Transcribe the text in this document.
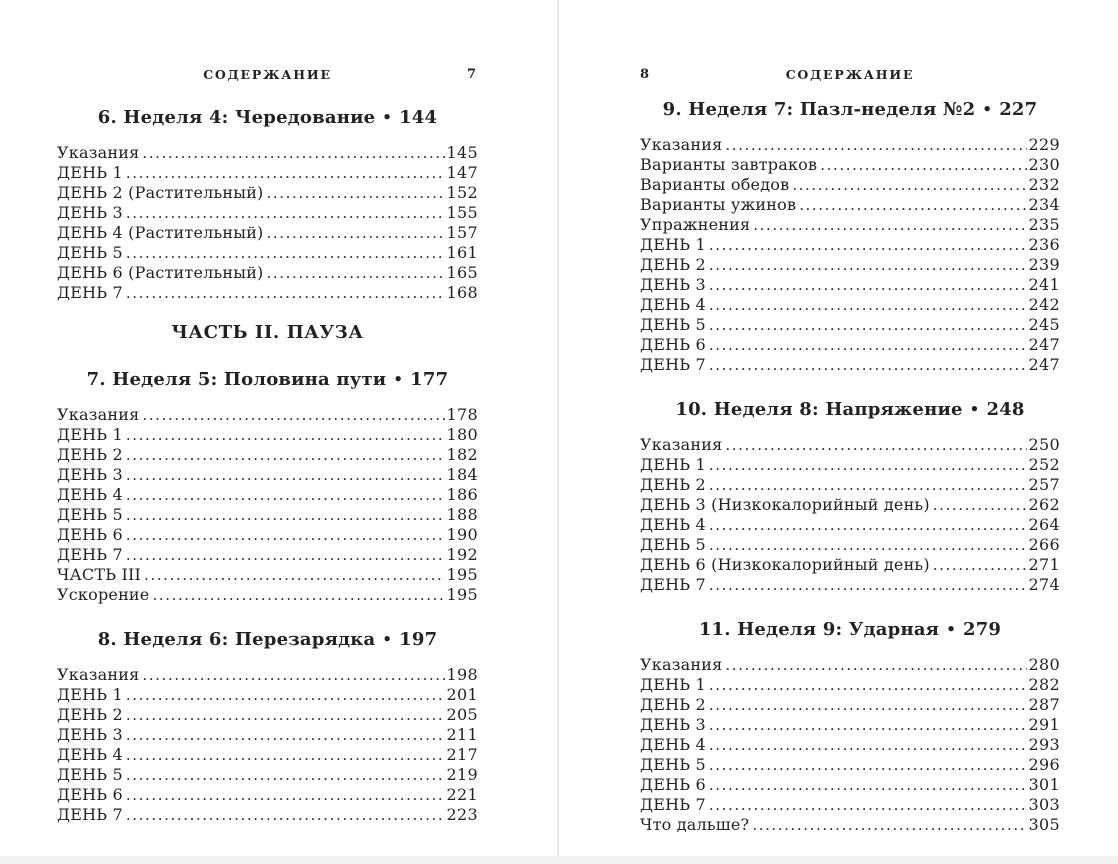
СОДЕРЖАНИЕ	7
6. Неделя 4: Чередование • 144
Указания .....	145
ДЕНЬ 1 .....	147
ДЕНЬ 2 (Растительный) .....	152
ДЕНЬ 3 .....	155
ДЕНЬ 4 (Растительный) .....	157
ДЕНЬ 5 .....	161
ДЕНЬ 6 (Растительный) .....	165
ДЕНЬ 7 .....	168
ЧАСТЬ II. ПАУЗА
7. Неделя 5: Половина пути • 177
Указания .....	178
ДЕНЬ 1 .....	180
ДЕНЬ 2 .....	182
ДЕНЬ 3 .....	184
ДЕНЬ 4 .....	186
ДЕНЬ 5 .....	188
ДЕНЬ 6 .....	190
ДЕНЬ 7 .....	192
ЧАСТЬ III .....	195
Ускорение .....	195
8. Неделя 6: Перезарядка • 197
Указания .....	198
ДЕНЬ 1 .....	201
ДЕНЬ 2 .....	205
ДЕНЬ 3 .....	211
ДЕНЬ 4 .....	217
ДЕНЬ 5 .....	219
ДЕНЬ 6 .....	221
ДЕНЬ 7 .....	223
8	СОДЕРЖАНИЕ
9. Неделя 7: Пазл-неделя №2 • 227
Указания .....	229
Варианты завтраков .....	230
Варианты обедов .....	232
Варианты ужинов .....	234
Упражнения .....	235
ДЕНЬ 1 .....	236
ДЕНЬ 2 .....	239
ДЕНЬ 3 .....	241
ДЕНЬ 4 .....	242
ДЕНЬ 5 .....	245
ДЕНЬ 6 .....	247
ДЕНЬ 7 .....	247
10. Неделя 8: Напряжение • 248
Указания .....	250
ДЕНЬ 1 .....	252
ДЕНЬ 2 .....	257
ДЕНЬ 3 (Низкокалорийный день) .....	262
ДЕНЬ 4 .....	264
ДЕНЬ 5 .....	266
ДЕНЬ 6 (Низкокалорийный день) .....	271
ДЕНЬ 7 .....	274
11. Неделя 9: Ударная • 279
Указания .....	280
ДЕНЬ 1 .....	282
ДЕНЬ 2 .....	287
ДЕНЬ 3 .....	291
ДЕНЬ 4 .....	293
ДЕНЬ 5 .....	296
ДЕНЬ 6 .....	301
ДЕНЬ 7 .....	303
Что дальше? .....	305
